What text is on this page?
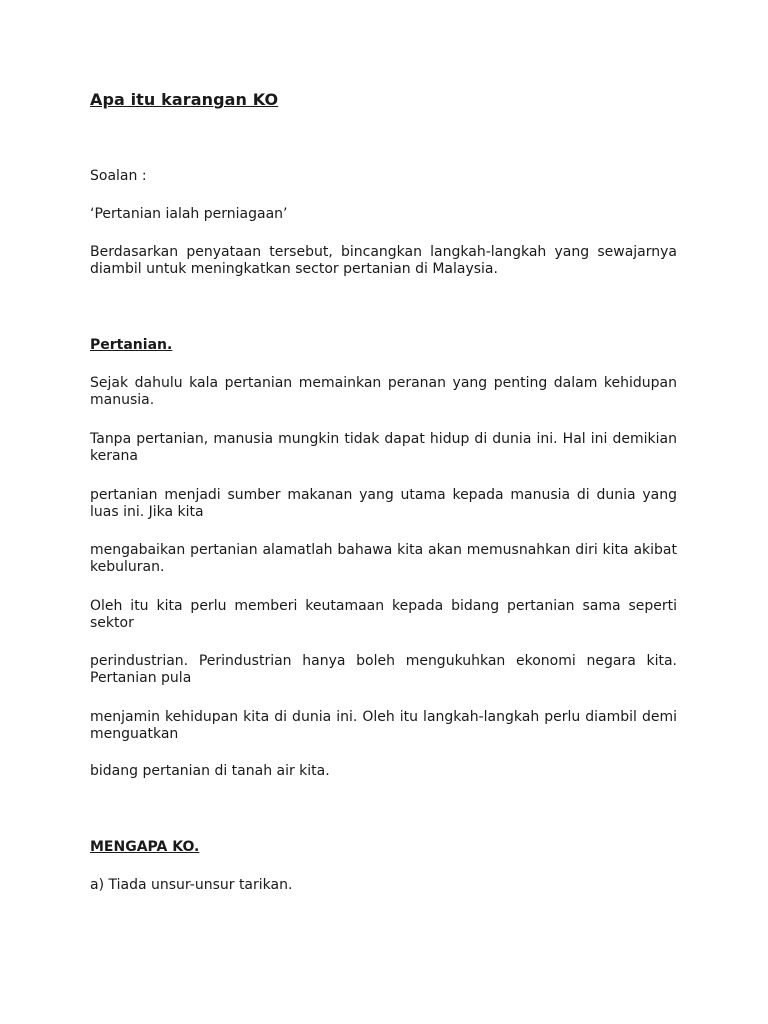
Apa itu karangan KO

Soalan :

‘Pertanian ialah perniagaan’

Berdasarkan penyataan tersebut, bincangkan langkah-langkah yang sewajarnya diambil untuk meningkatkan sector pertanian di Malaysia.

Pertanian.

Sejak dahulu kala pertanian memainkan peranan yang penting dalam kehidupan manusia.

Tanpa pertanian, manusia mungkin tidak dapat hidup di dunia ini. Hal ini demikian kerana

pertanian menjadi sumber makanan yang utama kepada manusia di dunia yang luas ini. Jika kita

mengabaikan pertanian alamatlah bahawa kita akan memusnahkan diri kita akibat kebuluran.

Oleh itu kita perlu memberi keutamaan kepada bidang pertanian sama seperti sektor

perindustrian. Perindustrian hanya boleh mengukuhkan ekonomi negara kita. Pertanian pula

menjamin kehidupan kita di dunia ini. Oleh itu langkah-langkah perlu diambil demi menguatkan

bidang pertanian di tanah air kita.

MENGAPA KO.

a) Tiada unsur-unsur tarikan.
